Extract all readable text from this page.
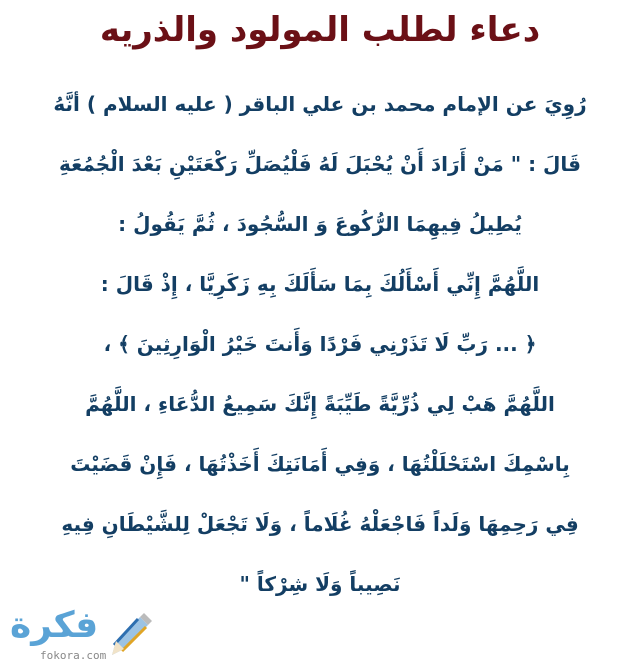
دعاء لطلب المولود والذريه
رُوِيَ عن الإمام محمد بن علي الباقر ( عليه السلام ) أنَّهُ
قَالَ : " مَنْ أَرَادَ أَنْ يُحْبَلَ لَهُ فَلْيُصَلِّ رَكْعَتَيْنِ بَعْدَ الْجُمُعَةِ
يُطِيلُ فِيهِمَا الرُّكُوعَ وَ السُّجُودَ ، ثُمَّ يَقُولُ :
اللَّهُمَّ إِنِّي أَسْأَلُكَ بِمَا سَأَلَكَ بِهِ زَكَرِيَّا ، إِذْ قَالَ :
﴿ ... رَبِّ لَا تَذَرْنِي فَرْدًا وَأَنتَ خَيْرُ الْوَارِثِينَ ﴾ ،
اللَّهُمَّ هَبْ لِي ذُرِّيَّةً طَيِّبَةً إِنَّكَ سَمِيعُ الدُّعَاءِ ، اللَّهُمَّ
بِاسْمِكَ اسْتَحْلَلْتُهَا ، وَفِي أَمَانَتِكَ أَخَذْتُهَا ، فَإِنْ قَضَيْتَ
فِي رَحِمِهَا وَلَداً فَاجْعَلْهُ غُلَاماً ، وَلَا تَجْعَلْ لِلشَّيْطَانِ فِيهِ
نَصِيباً وَلَا شِرْكاً "
فكرة
fokora.com
